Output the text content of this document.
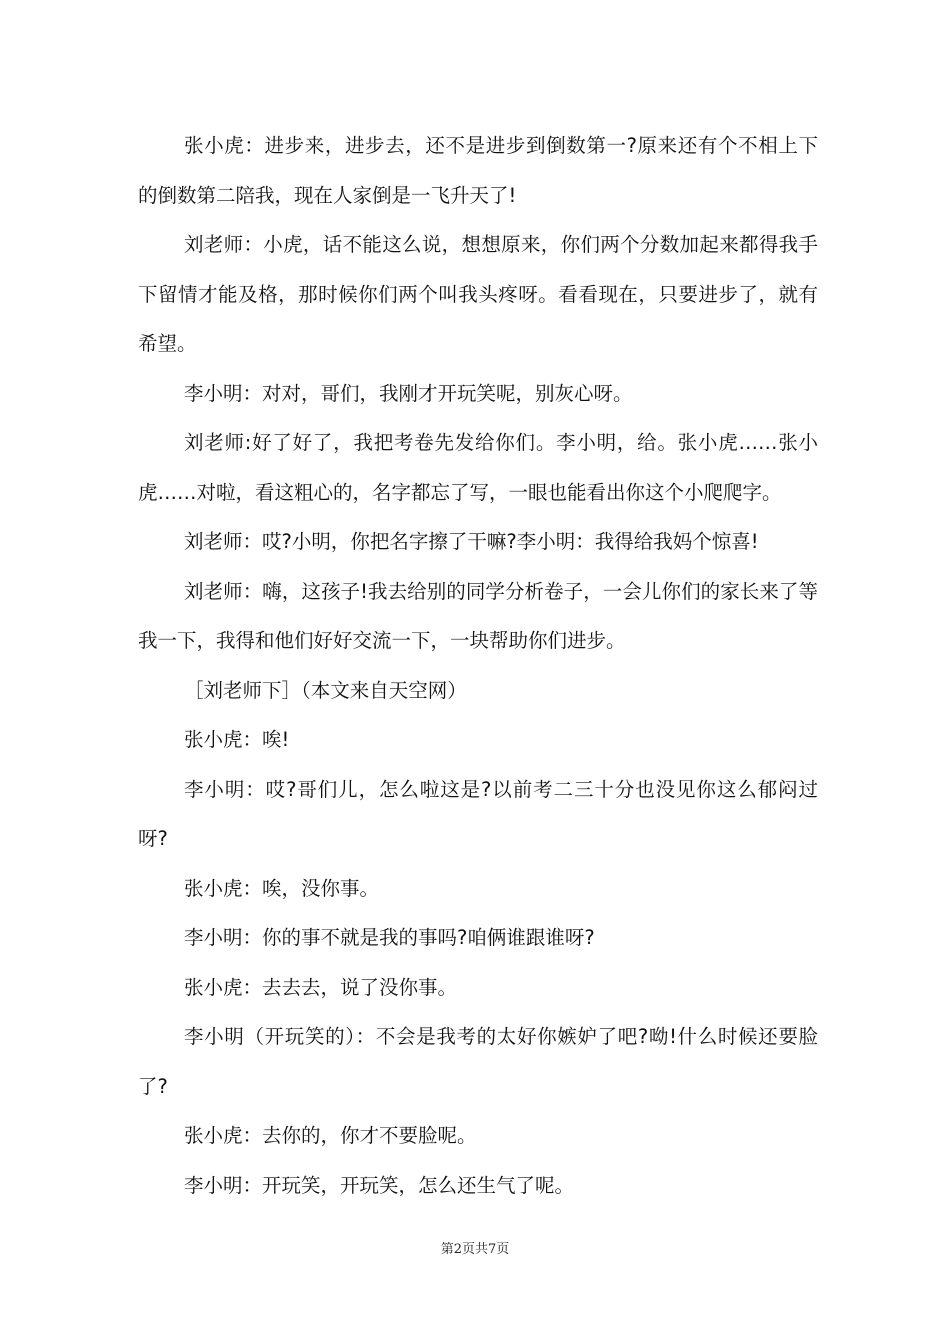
张小虎：进步来，进步去，还不是进步到倒数第一?原来还有个不相上下的倒数第二陪我，现在人家倒是一飞升天了!

刘老师：小虎，话不能这么说，想想原来，你们两个分数加起来都得我手下留情才能及格，那时候你们两个叫我头疼呀。看看现在，只要进步了，就有希望。

李小明：对对，哥们，我刚才开玩笑呢，别灰心呀。

刘老师:好了好了，我把考卷先发给你们。李小明，给。张小虎……张小虎……对啦，看这粗心的，名字都忘了写，一眼也能看出你这个小爬爬字。

刘老师：哎?小明，你把名字擦了干嘛?李小明：我得给我妈个惊喜!

刘老师：嗨，这孩子!我去给别的同学分析卷子，一会儿你们的家长来了等我一下，我得和他们好好交流一下，一块帮助你们进步。

［刘老师下］（本文来自天空网）

张小虎：唉!

李小明：哎?哥们儿，怎么啦这是?以前考二三十分也没见你这么郁闷过呀?

张小虎：唉，没你事。

李小明：你的事不就是我的事吗?咱俩谁跟谁呀?

张小虎：去去去，说了没你事。

李小明（开玩笑的）：不会是我考的太好你嫉妒了吧?呦!什么时候还要脸了?

张小虎：去你的，你才不要脸呢。

李小明：开玩笑，开玩笑，怎么还生气了呢。

第2页共7页
